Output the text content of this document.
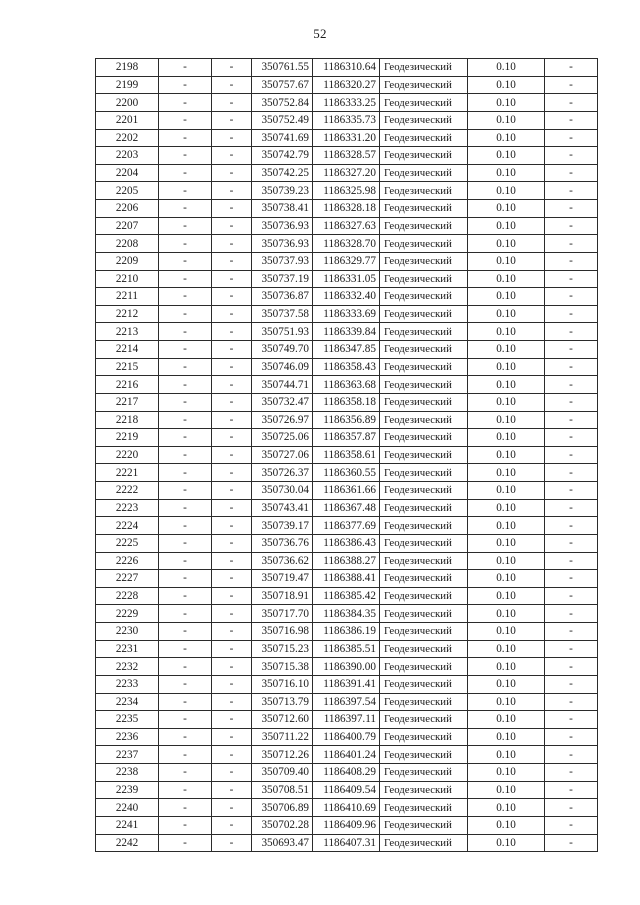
52
2198	-	-	350761.55	1186310.64	Геодезический	0.10	-
2199	-	-	350757.67	1186320.27	Геодезический	0.10	-
2200	-	-	350752.84	1186333.25	Геодезический	0.10	-
2201	-	-	350752.49	1186335.73	Геодезический	0.10	-
2202	-	-	350741.69	1186331.20	Геодезический	0.10	-
2203	-	-	350742.79	1186328.57	Геодезический	0.10	-
2204	-	-	350742.25	1186327.20	Геодезический	0.10	-
2205	-	-	350739.23	1186325.98	Геодезический	0.10	-
2206	-	-	350738.41	1186328.18	Геодезический	0.10	-
2207	-	-	350736.93	1186327.63	Геодезический	0.10	-
2208	-	-	350736.93	1186328.70	Геодезический	0.10	-
2209	-	-	350737.93	1186329.77	Геодезический	0.10	-
2210	-	-	350737.19	1186331.05	Геодезический	0.10	-
2211	-	-	350736.87	1186332.40	Геодезический	0.10	-
2212	-	-	350737.58	1186333.69	Геодезический	0.10	-
2213	-	-	350751.93	1186339.84	Геодезический	0.10	-
2214	-	-	350749.70	1186347.85	Геодезический	0.10	-
2215	-	-	350746.09	1186358.43	Геодезический	0.10	-
2216	-	-	350744.71	1186363.68	Геодезический	0.10	-
2217	-	-	350732.47	1186358.18	Геодезический	0.10	-
2218	-	-	350726.97	1186356.89	Геодезический	0.10	-
2219	-	-	350725.06	1186357.87	Геодезический	0.10	-
2220	-	-	350727.06	1186358.61	Геодезический	0.10	-
2221	-	-	350726.37	1186360.55	Геодезический	0.10	-
2222	-	-	350730.04	1186361.66	Геодезический	0.10	-
2223	-	-	350743.41	1186367.48	Геодезический	0.10	-
2224	-	-	350739.17	1186377.69	Геодезический	0.10	-
2225	-	-	350736.76	1186386.43	Геодезический	0.10	-
2226	-	-	350736.62	1186388.27	Геодезический	0.10	-
2227	-	-	350719.47	1186388.41	Геодезический	0.10	-
2228	-	-	350718.91	1186385.42	Геодезический	0.10	-
2229	-	-	350717.70	1186384.35	Геодезический	0.10	-
2230	-	-	350716.98	1186386.19	Геодезический	0.10	-
2231	-	-	350715.23	1186385.51	Геодезический	0.10	-
2232	-	-	350715.38	1186390.00	Геодезический	0.10	-
2233	-	-	350716.10	1186391.41	Геодезический	0.10	-
2234	-	-	350713.79	1186397.54	Геодезический	0.10	-
2235	-	-	350712.60	1186397.11	Геодезический	0.10	-
2236	-	-	350711.22	1186400.79	Геодезический	0.10	-
2237	-	-	350712.26	1186401.24	Геодезический	0.10	-
2238	-	-	350709.40	1186408.29	Геодезический	0.10	-
2239	-	-	350708.51	1186409.54	Геодезический	0.10	-
2240	-	-	350706.89	1186410.69	Геодезический	0.10	-
2241	-	-	350702.28	1186409.96	Геодезический	0.10	-
2242	-	-	350693.47	1186407.31	Геодезический	0.10	-
